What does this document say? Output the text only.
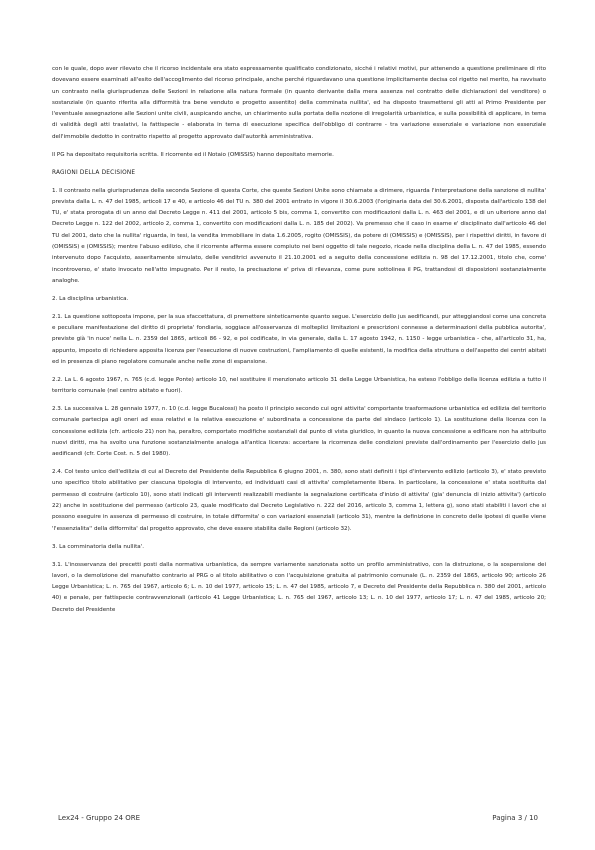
con le quale, dopo aver rilevato che il ricorso incidentale era stato espressamente qualificato condizionato, sicché i relativi motivi, pur attenendo a questione preliminare di rito dovevano essere esaminati all'esito dell'accoglimento del ricorso principale, anche perché riguardavano una questione implicitamente decisa col rigetto nel merito, ha ravvisato un contrasto nella giurisprudenza delle Sezioni in relazione alla natura formale (in quanto derivante dalla mera assenza nel contratto delle dichiarazioni del venditore) o sostanziale (in quanto riferita alla difformità tra bene venduto e progetto assentito) della comminata nullita', ed ha disposto trasmettersi gli atti al Primo Presidente per l'eventuale assegnazione alle Sezioni unite civili, auspicando anche, un chiarimento sulla portata della nozione di irregolarità urbanistica, e sulla possibilità di applicare, in tema di validità degli atti traslativi, la fattispecie - elaborata in tema di esecuzione specifica dell'obbligo di contrarre - tra variazione essenziale e variazione non essenziale dell'immobile dedotto in contratto rispetto al progetto approvato dall'autorità amministrativa.

Il PG ha depositato requisitoria scritta. Il ricorrente ed il Notaio (OMISSIS) hanno depositato memorie.

RAGIONI DELLA DECISIONE

1. Il contrasto nella giurisprudenza della seconda Sezione di questa Corte, che queste Sezioni Unite sono chiamate a dirimere, riguarda l'interpretazione della sanzione di nullita' prevista dalla L. n. 47 del 1985, articoli 17 e 40, e articolo 46 del TU n. 380 del 2001 entrato in vigore il 30.6.2003 (l'originaria data del 30.6.2001, disposta dall'articolo 138 del TU, e' stata prorogata di un anno dal Decreto Legge n. 411 del 2001, articolo 5 bis, comma 1, convertito con modificazioni dalla L. n. 463 del 2001, e di un ulteriore anno dal Decreto Legge n. 122 del 2002, articolo 2, comma 1, convertito con modificazioni dalla L. n. 185 del 2002). Va premesso che il caso in esame e' disciplinato dall'articolo 46 del TU del 2001, dato che la nullita' riguarda, in tesi, la vendita immobiliare in data 1.6.2005, rogito (OMISSIS), da potere di (OMISSIS) e (OMISSIS), per i rispettivi diritti, in favore di (OMISSIS) e (OMISSIS); mentre l'abuso edilizio, che il ricorrente afferma essere compiuto nei beni oggetto di tale negozio, ricade nella disciplina della L. n. 47 del 1985, essendo intervenuto dopo l'acquisto, asseritamente simulato, delle venditrici avvenuto il 21.10.2001 ed a seguito della concessione edilizia n. 98 del 17.12.2001, titolo che, come' incontroverso, e' stato invocato nell'atto impugnato. Per il resto, la precisazione e' priva di rilevanza, come pure sottolinea il PG, trattandosi di disposizioni sostanzialmente analoghe.

2. La disciplina urbanistica.

2.1. La questione sottoposta impone, per la sua sfaccettatura, di premettere sinteticamente quanto segue. L'esercizio dello jus aedificandi, pur atteggiandosi come una concreta e peculiare manifestazione del diritto di proprieta' fondiaria, soggiace all'osservanza di molteplici limitazioni e prescrizioni connesse a determinazioni della pubblica autorita', previste già 'in nuce' nella L. n. 2359 del 1865, articoli 86 - 92, e poi codificate, in via generale, dalla L. 17 agosto 1942, n. 1150 - legge urbanistica - che, all'articolo 31, ha, appunto, imposto di richiedere apposita licenza per l'esecuzione di nuove costruzioni, l'ampliamento di quelle esistenti, la modifica della struttura o dell'aspetto dei centri abitati ed in presenza di piano regolatore comunale anche nelle zone di espansione.

2.2. La L. 6 agosto 1967, n. 765 (c.d. legge Ponte) articolo 10, nel sostituire il menzionato articolo 31 della Legge Urbanistica, ha esteso l'obbligo della licenza edilizia a tutto il territorio comunale (nel centro abitato e fuori).

2.3. La successiva L. 28 gennaio 1977, n. 10 (c.d. legge Bucalossi) ha posto il principio secondo cui ogni attivita' comportante trasformazione urbanistica ed edilizia del territorio comunale partecipa agli oneri ad essa relativi e la relativa esecuzione e' subordinata a concessione da parte del sindaco (articolo 1). La sostituzione della licenza con la concessione edilizia (cfr. articolo 21) non ha, peraltro, comportato modifiche sostanziali dal punto di vista giuridico, in quanto la nuova concessione a edificare non ha attribuito nuovi diritti, ma ha svolto una funzione sostanzialmente analoga all'antica licenza: accertare la ricorrenza delle condizioni previste dall'ordinamento per l'esercizio dello jus aedificandi (cfr. Corte Cost. n. 5 del 1980).

2.4. Col testo unico dell'edilizia di cui al Decreto del Presidente della Repubblica 6 giugno 2001, n. 380, sono stati definiti i tipi d'intervento edilizio (articolo 3), e' stato previsto uno specifico titolo abilitativo per ciascuna tipologia di intervento, ed individuati casi di attivita' completamente libera. In particolare, la concessione e' stata sostituita dal permesso di costruire (articolo 10), sono stati indicati gli interventi realizzabili mediante la segnalazione certificata d'inizio di attivita' (gia' denuncia di inizio attivita') (articolo 22) anche in sostituzione del permesso (articolo 23, quale modificato dal Decreto Legislativo n. 222 del 2016, articolo 3, comma 1, lettera g), sono stati stabiliti i lavori che si possono eseguire in assenza di permesso di costruire, in totale difformita' o con variazioni essenziali (articolo 31), mentre la definizione in concreto delle ipotesi di quelle viene 'l'essenzialita'' della difformita' dal progetto approvato, che deve essere stabilita dalle Regioni (articolo 32).

3. La comminatoria della nullita'.

3.1. L'inosservanza dei precetti posti dalla normativa urbanistica, da sempre variamente sanzionata sotto un profilo amministrativo, con la distruzione, o la sospensione dei lavori, o la demolizione del manufatto contrario al PRG o al titolo abilitativo o con l'acquisizione gratuita al patrimonio comunale (L. n. 2359 del 1865, articolo 90; articolo 26 Legge Urbanistica; L. n. 765 del 1967, articolo 6; L. n. 10 del 1977, articolo 15; L. n. 47 del 1985, articolo 7, e Decreto del Presidente della Repubblica n. 380 del 2001, articolo 40) e penale, per fattispecie contravvenzionali (articolo 41 Legge Urbanistica; L. n. 765 del 1967, articolo 13; L. n. 10 del 1977, articolo 17; L. n. 47 del 1985, articolo 20; Decreto del Presidente

Lex24 - Gruppo 24 ORE	Pagina 3 / 10
